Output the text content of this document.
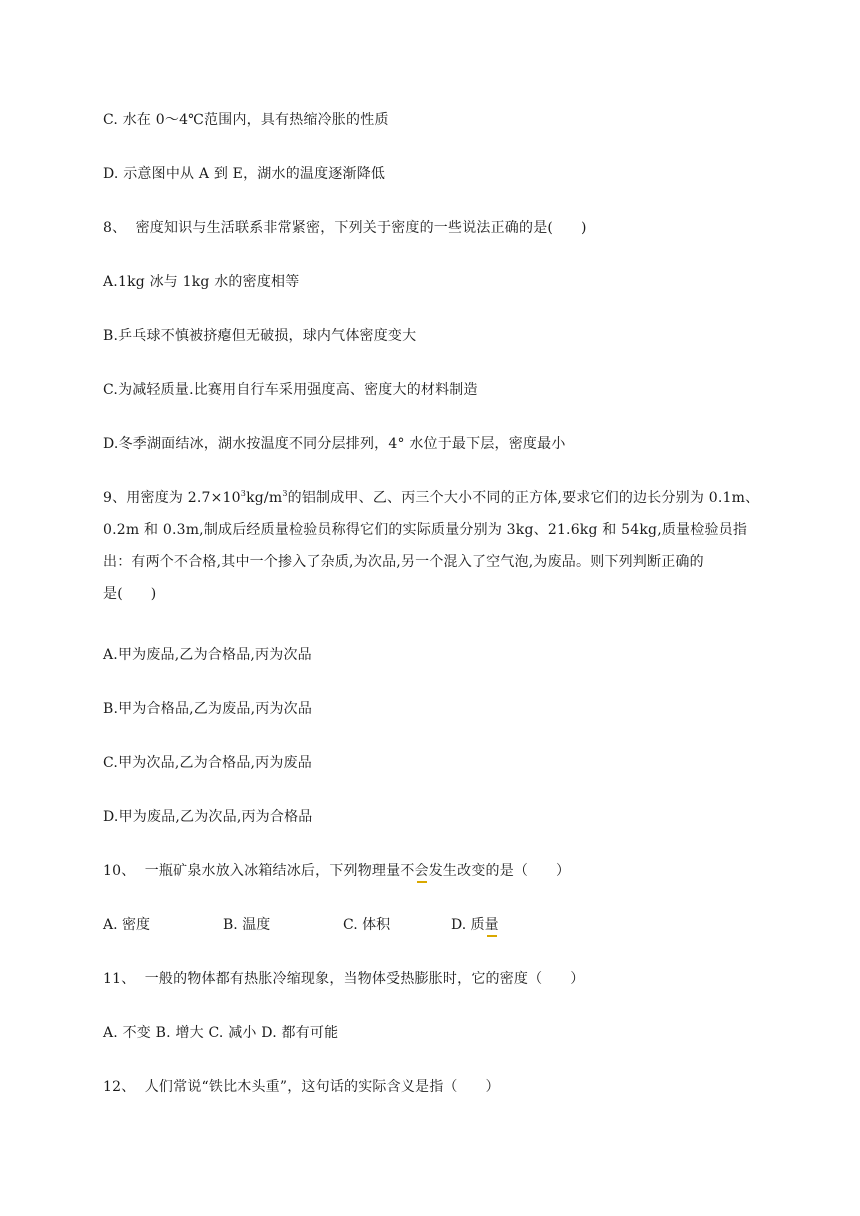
C. 水在 0～4℃范围内，具有热缩冷胀的性质
D. 示意图中从 A 到 E，湖水的温度逐渐降低
8、  密度知识与生活联系非常紧密，下列关于密度的一些说法正确的是(      )
A.1kg 冰与 1kg 水的密度相等
B.乒乓球不慎被挤瘪但无破损，球内气体密度变大
C.为减轻质量.比赛用自行车采用强度高、密度大的材料制造
D.冬季湖面结冰，湖水按温度不同分层排列，4° 水位于最下层，密度最小
9、用密度为 $2.7\times 10^3kg/m^3$的铝制成甲、乙、丙三个大小不同的正方体,要求它们的边长分别为 0.1m、
0.2m 和 0.3m,制成后经质量检验员称得它们的实际质量分别为 3kg、21.6kg 和 54kg,质量检验员指
出：有两个不合格,其中一个掺入了杂质,为次品,另一个混入了空气泡,为废品。则下列判断正确的
是(      )
A.甲为废品,乙为合格品,丙为次品
B.甲为合格品,乙为废品,丙为次品
C.甲为次品,乙为合格品,丙为废品
D.甲为废品,乙为次品,丙为合格品
10、  一瓶矿泉水放入冰箱结冰后，下列物理量不会发生改变的是（      ）

A. 密度

	B. 温度

	C. 体积

	D. 质量

11、  一般的物体都有热胀冷缩现象，当物体受热膨胀时，它的密度（      ）
A. 不变 B. 增大 C. 减小 D. 都有可能
12、  人们常说“铁比木头重”，这句话的实际含义是指（      ）
